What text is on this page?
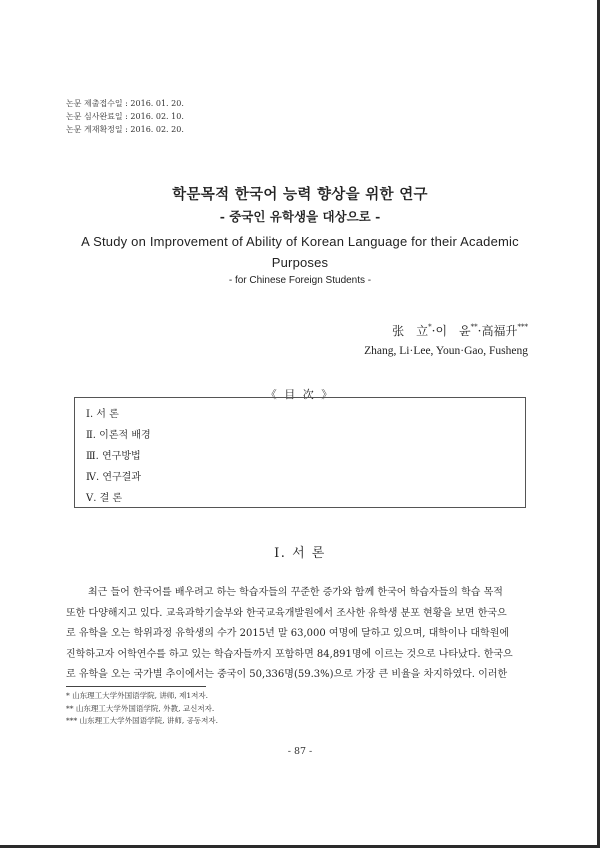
논문 제출접수일 : 2016. 01. 20.
논문 심사완료일 : 2016. 02. 10.
논문 게재확정일 : 2016. 02. 20.
학문목적 한국어 능력 향상을 위한 연구
- 중국인 유학생을 대상으로 -
A Study on Improvement of Ability of Korean Language for their Academic Purposes
- for Chinese Foreign Students -
张　立*·이　윤**·高福升***
Zhang, Li·Lee, Youn·Gao, Fusheng
《 目 次 》
Ⅰ. 서 론
Ⅱ. 이론적 배경
Ⅲ. 연구방법
Ⅳ. 연구결과
Ⅴ. 결 론
Ⅰ. 서 론
최근 들어 한국어를 배우려고 하는 학습자들의 꾸준한 증가와 함께 한국어 학습자들의 학습 목적
또한 다양해지고 있다. 교육과학기술부와 한국교육개발원에서 조사한 유학생 분포 현황을 보면 한국으
로 유학을 오는 학위과정 유학생의 수가 2015년 말 63,000 여명에 달하고 있으며, 대학이나 대학원에
진학하고자 어학연수를 하고 있는 학습자들까지 포함하면 84,891명에 이르는 것으로 나타났다. 한국으
로 유학을 오는 국가별 추이에서는 중국이 50,336명(59.3%)으로 가장 큰 비율을 차지하였다. 이러한
* 山东理工大学外国语学院, 讲师, 제1저자.
** 山东理工大学外国语学院, 外教, 교신저자.
*** 山东理工大学外国语学院, 讲师, 공동저자.
- 87 -
